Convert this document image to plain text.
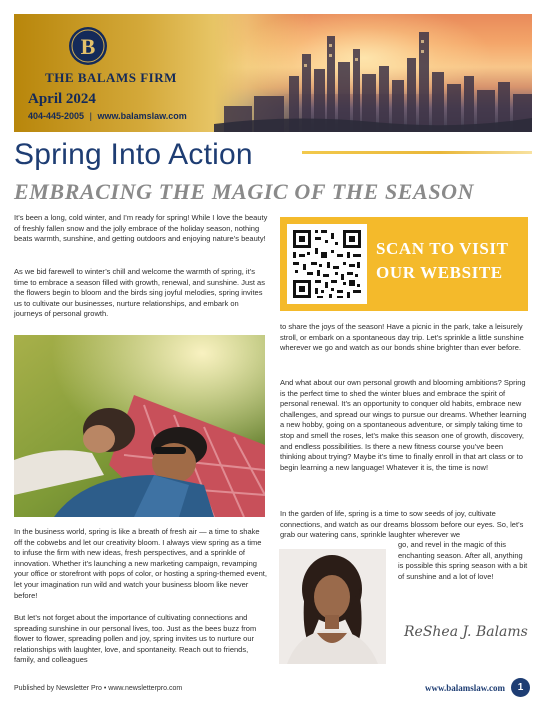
B
THE BALAMS FIRM
April 2024
404-445-2005 | www.balamslaw.com
Spring Into Action
EMBRACING THE MAGIC OF THE SEASON
It’s been a long, cold winter, and I’m ready for spring! While I love the beauty of freshly fallen snow and the jolly embrace of the holiday season, nothing beats warmth, sunshine, and getting outdoors and enjoying nature’s beauty!
As we bid farewell to winter’s chill and welcome the warmth of spring, it’s time to embrace a season filled with growth, renewal, and sunshine. Just as the flowers begin to bloom and the birds sing joyful melodies, spring invites us to cultivate our businesses, nurture relationships, and embark on journeys of personal growth.
SCAN TO VISIT
OUR WEBSITE
In the business world, spring is like a breath of fresh air — a time to shake off the cobwebs and let our creativity bloom. I always view spring as a time to infuse the firm with new ideas, fresh perspectives, and a sprinkle of innovation. Whether it’s launching a new marketing campaign, revamping your office or storefront with pops of color, or hosting a spring-themed event, let your imagination run wild and watch your business bloom like never before!
But let’s not forget about the importance of cultivating connections and spreading sunshine in our personal lives, too. Just as the bees buzz from flower to flower, spreading pollen and joy, spring invites us to nurture our relationships with laughter, love, and spontaneity. Reach out to friends, family, and colleagues
to share the joys of the season! Have a picnic in the park, take a leisurely stroll, or embark on a spontaneous day trip. Let’s sprinkle a little sunshine wherever we go and watch as our bonds shine brighter than ever before.
And what about our own personal growth and blooming ambitions? Spring is the perfect time to shed the winter blues and embrace the spirit of personal renewal. It’s an opportunity to conquer old habits, embrace new challenges, and spread our wings to pursue our dreams. Whether learning a new hobby, going on a spontaneous adventure, or simply taking time to stop and smell the roses, let’s make this season one of growth, discovery, and endless possibilities. Is there a new fitness course you’ve been thinking about trying? Maybe it’s time to finally enroll in that art class or to begin learning a new language! Whatever it is, the time is now!
In the garden of life, spring is a time to sow seeds of joy, cultivate connections, and watch as our dreams blossom before our eyes. So, let’s grab our watering cans, sprinkle laughter wherever we
go, and revel in the magic of this enchanting season. After all, anything is possible this spring season with a bit of sunshine and a lot of love!
ReShea J. Balams
Published by Newsletter Pro • www.newsletterpro.com	www.balamslaw.com	1
